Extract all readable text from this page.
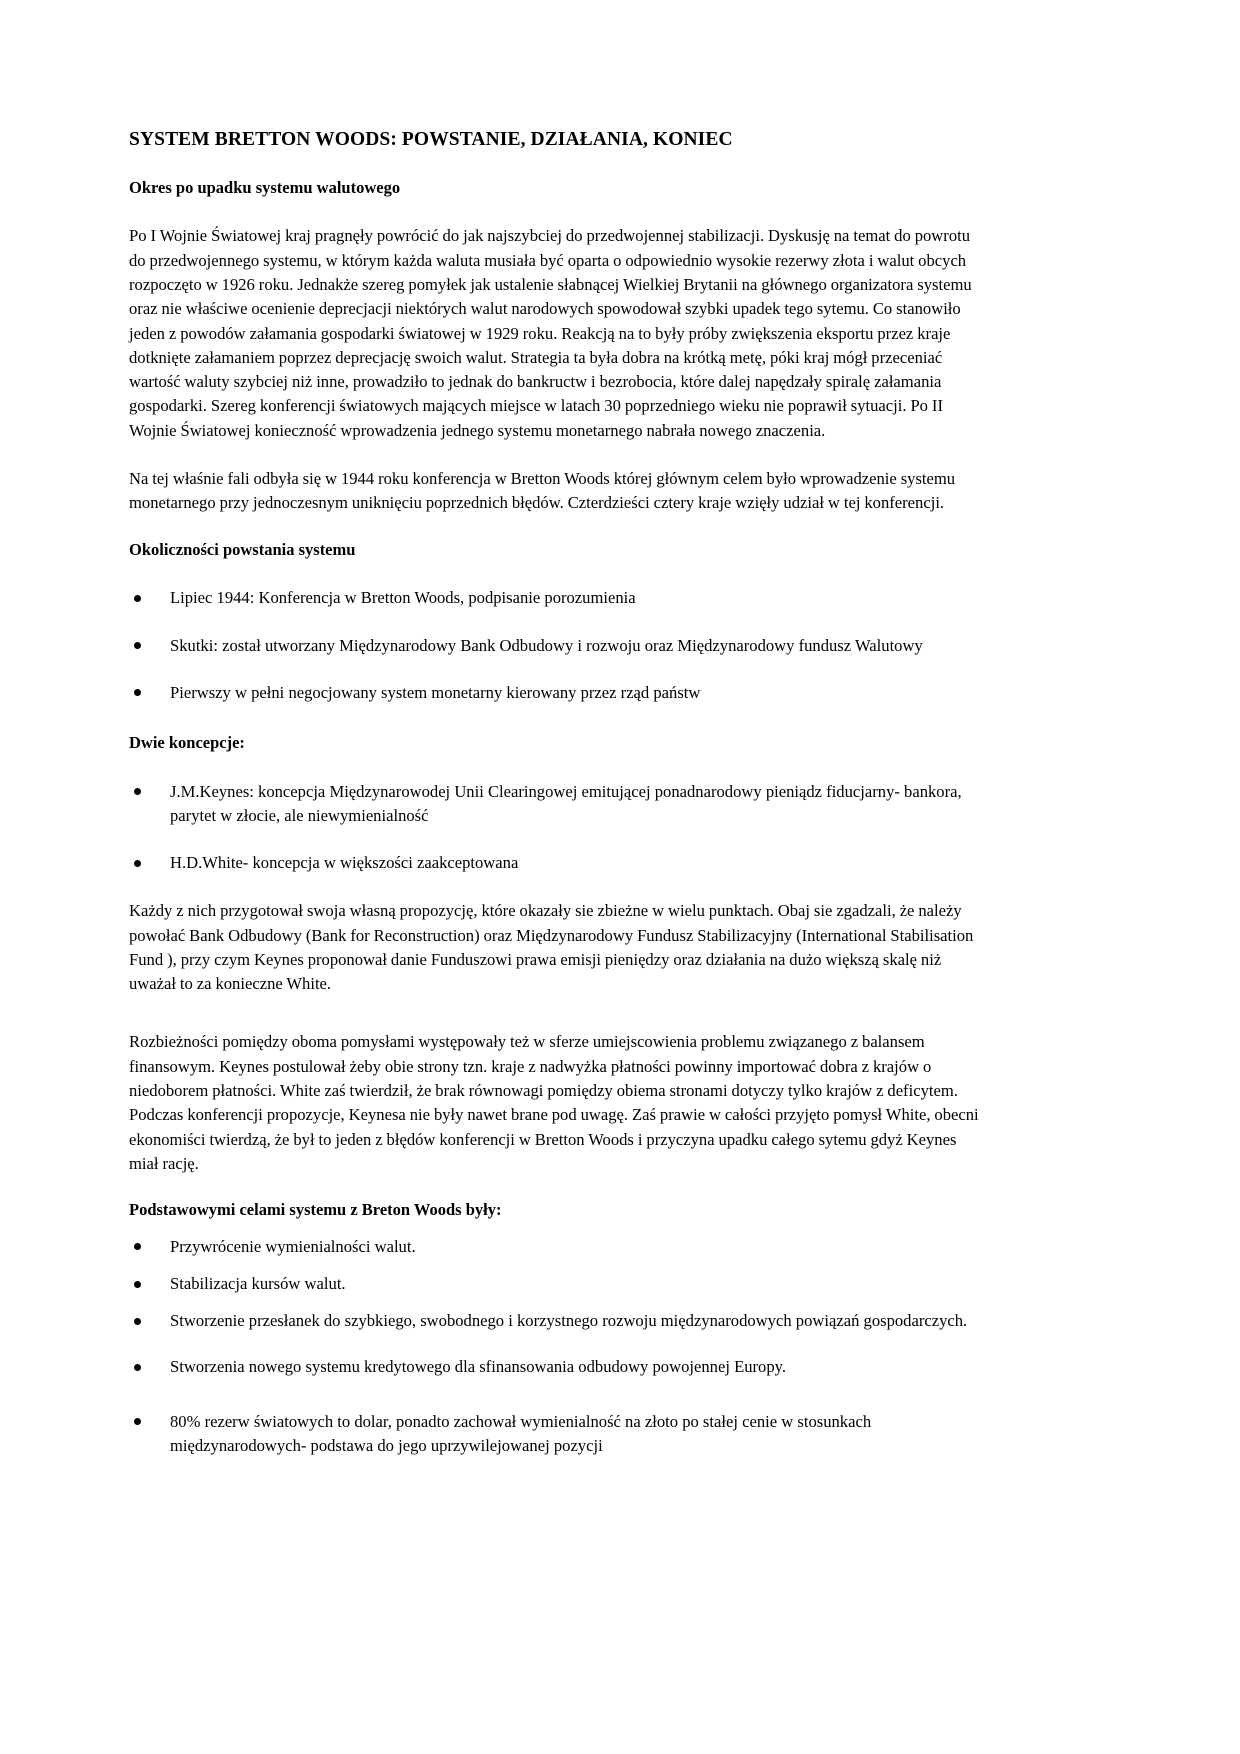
SYSTEM BRETTON WOODS: POWSTANIE, DZIAŁANIA, KONIEC
Okres po upadku systemu walutowego

Po I Wojnie Światowej kraj pragnęły powrócić do jak najszybciej do przedwojennej stabilizacji. Dyskusję na temat do powrotu do przedwojennego systemu, w którym każda waluta musiała być oparta o odpowiednio wysokie rezerwy złota i walut obcych rozpoczęto w 1926 roku. Jednakże szereg pomyłek jak ustalenie słabnącej Wielkiej Brytanii na głównego organizatora systemu oraz nie właściwe ocenienie deprecjacji niektórych walut narodowych spowodował szybki upadek tego sytemu. Co stanowiło jeden z powodów załamania gospodarki światowej w 1929 roku. Reakcją na to były próby zwiększenia eksportu przez kraje dotknięte załamaniem poprzez deprecjację swoich walut. Strategia ta była dobra na krótką metę, póki kraj mógł przeceniać wartość waluty szybciej niż inne, prowadziło to jednak do bankructw i bezrobocia, które dalej napędzały spiralę załamania gospodarki. Szereg konferencji światowych mających miejsce w latach 30 poprzedniego wieku nie poprawił sytuacji. Po II Wojnie Światowej konieczność wprowadzenia jednego systemu monetarnego nabrała nowego znaczenia.

Na tej właśnie fali odbyła się w 1944 roku konferencja w Bretton Woods której głównym celem było wprowadzenie systemu monetarnego przy jednoczesnym uniknięciu poprzednich błędów. Czterdzieści cztery kraje wzięły udział w tej konferencji.

Okoliczności powstania systemu
Lipiec 1944: Konferencja w Bretton Woods, podpisanie porozumienia
Skutki: został utworzany Międzynarodowy Bank Odbudowy i rozwoju oraz Międzynarodowy fundusz Walutowy
Pierwszy w pełni negocjowany system monetarny kierowany przez rząd państw
Dwie koncepcje:
J.M.Keynes: koncepcja Międzynarowodej Unii Clearingowej emitującej ponadnarodowy pieniądz fiducjarny- bankora, parytet w złocie, ale niewymienialność
H.D.White- koncepcja w większości zaakceptowana

Każdy z nich przygotował swoja własną propozycję, które okazały sie zbieżne w wielu punktach. Obaj sie zgadzali, że należy powołać Bank Odbudowy (Bank for Reconstruction) oraz Międzynarodowy Fundusz Stabilizacyjny (International Stabilisation Fund ), przy czym Keynes proponował danie Funduszowi prawa emisji pieniędzy oraz działania na dużo większą skalę niż uważał to za konieczne White.

Rozbieżności pomiędzy oboma pomysłami występowały też w sferze umiejscowienia problemu związanego z balansem finansowym. Keynes postulował żeby obie strony tzn. kraje z nadwyżka płatności powinny importować dobra z krajów o niedoborem płatności. White zaś twierdził, że brak równowagi pomiędzy obiema stronami dotyczy tylko krajów z deficytem. Podczas konferencji propozycje, Keynesa nie były nawet brane pod uwagę. Zaś prawie w całości przyjęto pomysł White, obecni ekonomiści twierdzą, że był to jeden z błędów konferencji w Bretton Woods i przyczyna upadku całego sytemu gdyż Keynes miał rację.

Podstawowymi celami systemu z Breton Woods były:
Przywrócenie wymienialności walut.
Stabilizacja kursów walut.
Stworzenie przesłanek do szybkiego, swobodnego i korzystnego rozwoju międzynarodowych powiązań gospodarczych.
Stworzenia nowego systemu kredytowego dla sfinansowania odbudowy powojennej Europy.
80% rezerw światowych to dolar, ponadto zachował wymienialność na złoto po stałej cenie w stosunkach międzynarodowych- podstawa do jego uprzywilejowanej pozycji
